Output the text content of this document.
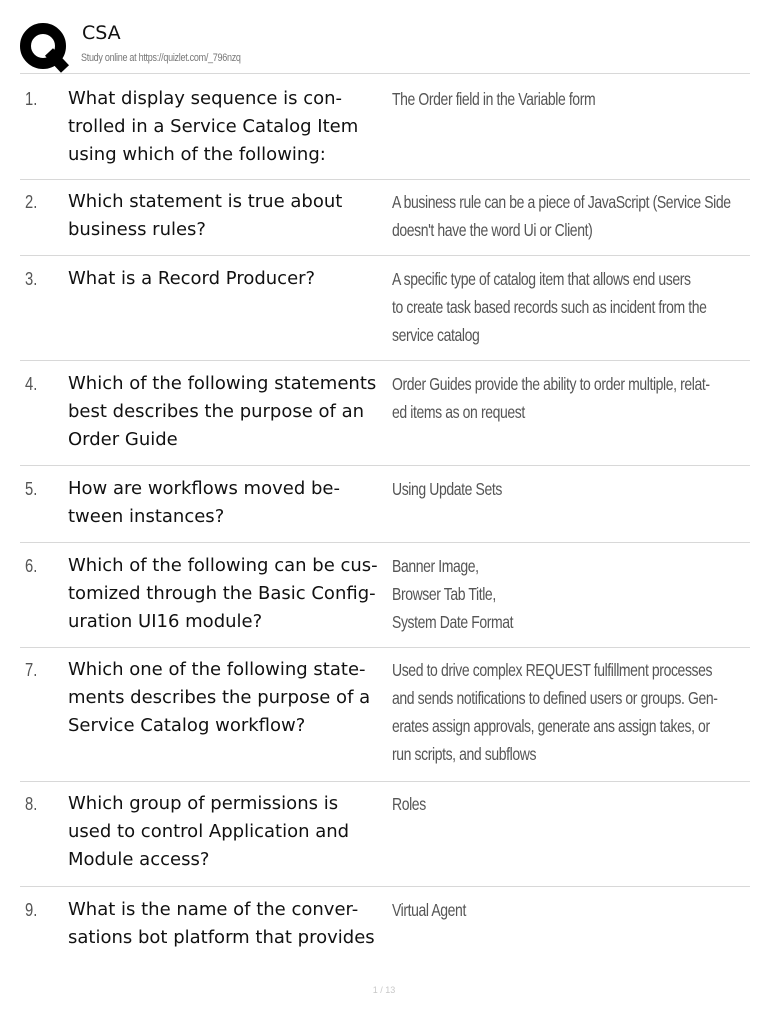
CSA
Study online at https://quizlet.com/_796nzq
1. What display sequence is con-
trolled in a Service Catalog Item
using which of the following:
The Order field in the Variable form
2. Which statement is true about
business rules?
A business rule can be a piece of JavaScript (Service Side
doesn't have the word Ui or Client)
3. What is a Record Producer?	A specific type of catalog item that allows end users
to create task based records such as incident from the
service catalog
4. Which of the following statements
best describes the purpose of an
Order Guide
Order Guides provide the ability to order multiple, relat-
ed items as on request
5. How are workflows moved be-
tween instances?
Using Update Sets
6. Which of the following can be cus-
tomized through the Basic Config-
uration UI16 module?
Banner Image,
Browser Tab Title,
System Date Format
7. Which one of the following state-
ments describes the purpose of a
Service Catalog workflow?
Used to drive complex REQUEST fulfillment processes
and sends notifications to defined users or groups. Gen-
erates assign approvals, generate ans assign takes, or
run scripts, and subflows
8. Which group of permissions is
used to control Application and
Module access?
Roles
9. What is the name of the conver-
sations bot platform that provides
Virtual Agent
1 / 13
